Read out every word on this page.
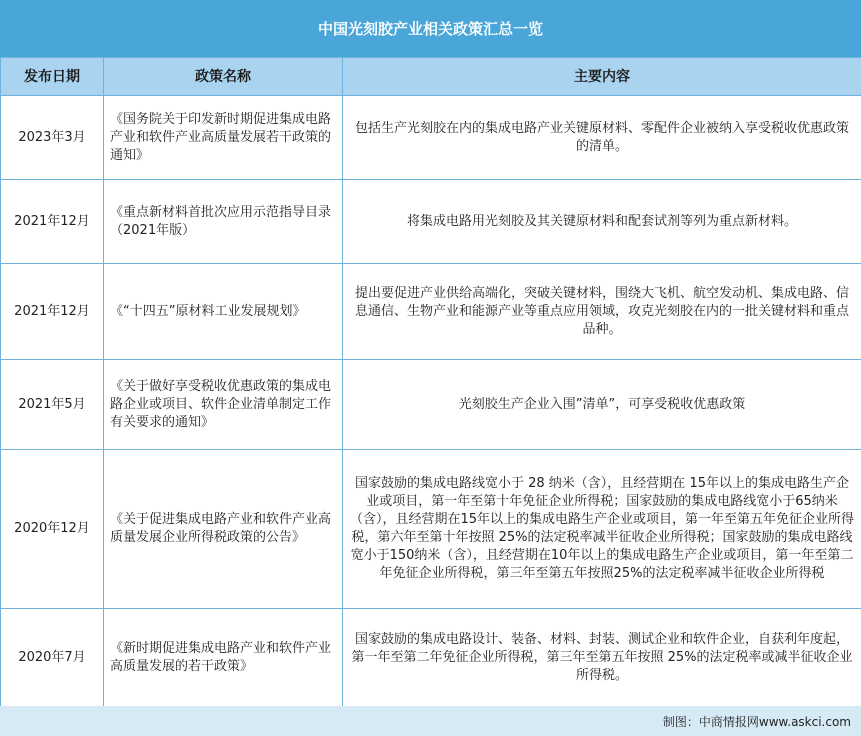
中国光刻胶产业相关政策汇总一览
发布日期	政策名称	主要内容
2023年3月	《国务院关于印发新时期促进集成电路产业和软件产业高质量发展若干政策的通知》	包括生产光刻胶在内的集成电路产业关键原材料、零配件企业被纳入享受税收优惠政策的清单。
2021年12月	《重点新材料首批次应用示范指导目录（2021年版）	将集成电路用光刻胶及其关键原材料和配套试剂等列为重点新材料。
2021年12月	《“十四五”原材料工业发展规划》	提出要促进产业供给高端化，突破关键材料，围绕大飞机、航空发动机、集成电路、信息通信、生物产业和能源产业等重点应用领域，攻克光刻胶在内的一批关键材料和重点品种。
2021年5月	《关于做好享受税收优惠政策的集成电路企业或项目、软件企业清单制定工作有关要求的通知》	光刻胶生产企业入围”清单”，可享受税收优惠政策
2020年12月	《关于促进集成电路产业和软件产业高质量发展企业所得税政策的公告》	国家鼓励的集成电路线宽小于 28 纳米（含），且经营期在 15年以上的集成电路生产企业或项目，第一年至第十年免征企业所得税；国家鼓励的集成电路线宽小于65纳米（含），且经营期在15年以上的集成电路生产企业或项目，第一年至第五年免征企业所得税，第六年至第十年按照 25%的法定税率减半征收企业所得税；国家鼓励的集成电路线宽小于150纳米（含），且经营期在10年以上的集成电路生产企业或项目，第一年至第二年免征企业所得税，第三年至第五年按照25%的法定税率减半征收企业所得税
2020年7月	《新时期促进集成电路产业和软件产业高质量发展的若干政策》	国家鼓励的集成电路设计、装备、材料、封装、测试企业和软件企业，自获利年度起，第一年至第二年免征企业所得税，第三年至第五年按照 25%的法定税率或减半征收企业所得税。
制图：中商情报网www.askci.com
